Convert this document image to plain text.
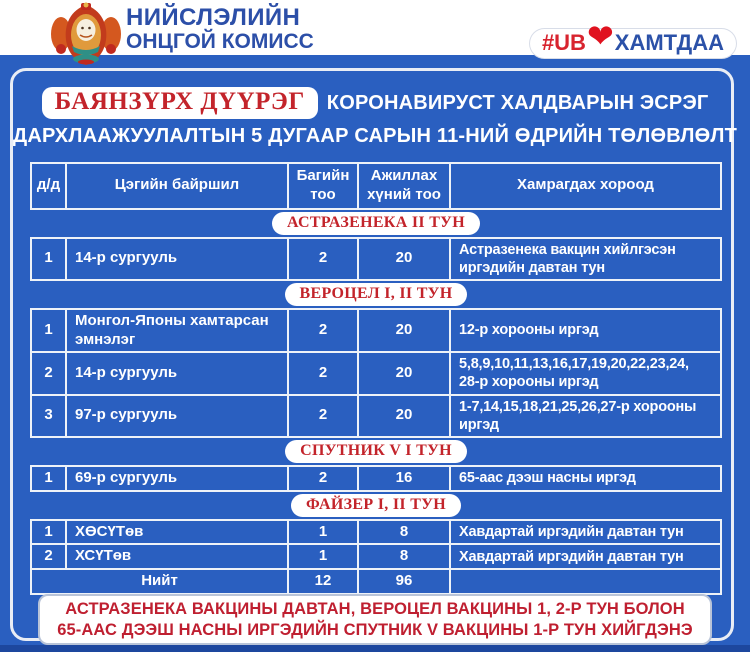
НИЙСЛЭЛИЙН
ОНЦГОЙ КОМИСС	#UB ❤ ХАМТДАА
БАЯНЗҮРХ ДҮҮРЭГ	КОРОНАВИРУСТ ХАЛДВАРЫН ЭСРЭГ
ДАРХЛААЖУУЛАЛТЫН 5 ДУГААР САРЫН 11-НИЙ ӨДРИЙН ТӨЛӨВЛӨЛТ
д/д	Цэгийн байршил	Багийн тоо	Ажиллах хүний тоо	Хамрагдах хороод
АСТРАЗЕНЕКА II ТУН				
1	14-р сургууль	2	20	Астразенека вакцин хийлгэсэн иргэдийн давтан тун
ВЕРОЦЕЛ I, II ТУН				
1	Монгол-Японы хамтарсан эмнэлэг	2	20	12-р хорооны иргэд
2	14-р сургууль	2	20	5,8,9,10,11,13,16,17,19,20,22,23,24, 28-р хорооны иргэд
3	97-р сургууль	2	20	1-7,14,15,18,21,25,26,27-р хорооны иргэд
СПУТНИК V I ТУН				
1	69-р сургууль	2	16	65-аас дээш насны иргэд
ФАЙЗЕР I, II ТУН				
1	ХӨСҮТөв	1	8	Хавдартай иргэдийн давтан тун
2	ХСҮТөв	1	8	Хавдартай иргэдийн давтан тун
Нийт		12	96	
АСТРАЗЕНЕКА ВАКЦИНЫ ДАВТАН, ВЕРОЦЕЛ ВАКЦИНЫ 1, 2-Р ТУН БОЛОН
65-ААС ДЭЭШ НАСНЫ ИРГЭДИЙН СПУТНИК V ВАКЦИНЫ 1-Р ТУН ХИЙГДЭНЭ
